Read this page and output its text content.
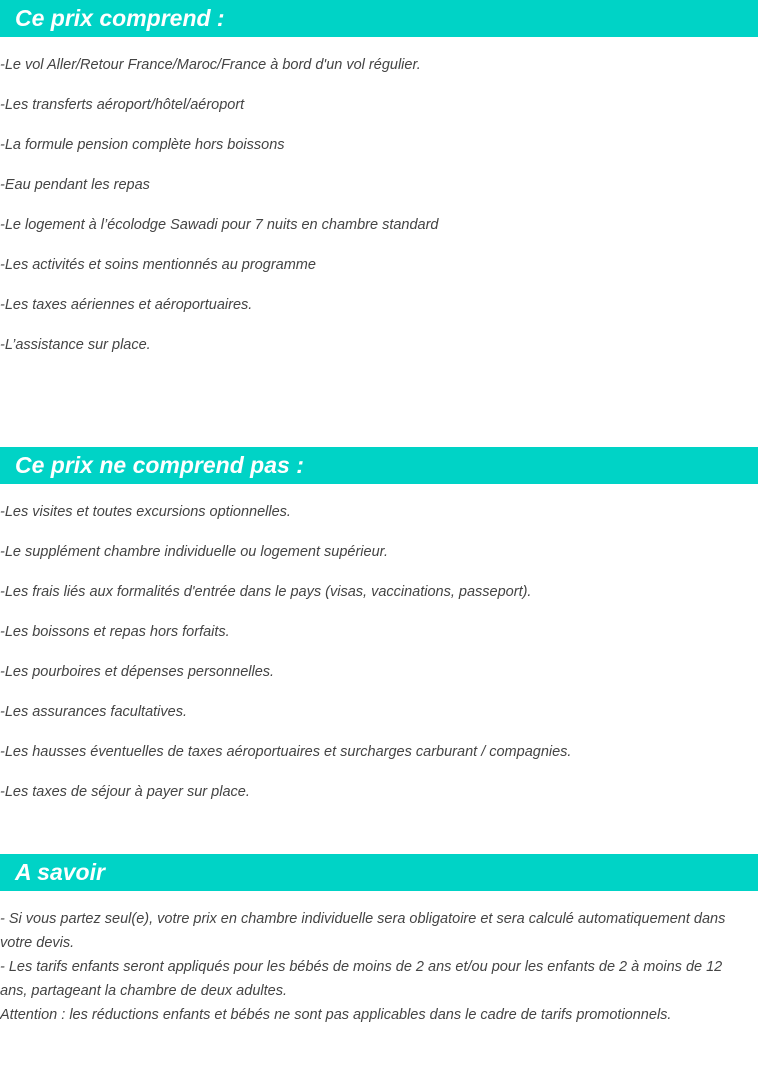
Ce prix comprend :
-Le vol Aller/Retour France/Maroc/France à bord d'un vol régulier.
-Les transferts aéroport/hôtel/aéroport
-La formule pension complète hors boissons
-Eau pendant les repas
-Le logement à l’écolodge Sawadi pour 7 nuits en chambre standard
-Les activités et soins mentionnés au programme
-Les taxes aériennes et aéroportuaires.
-L’assistance sur place.
Ce prix ne comprend pas :
-Les visites et toutes excursions optionnelles.
-Le supplément chambre individuelle ou logement supérieur.
-Les frais liés aux formalités d'entrée dans le pays (visas, vaccinations, passeport).
-Les boissons et repas hors forfaits.
-Les pourboires et dépenses personnelles.
-Les assurances facultatives.
-Les hausses éventuelles de taxes aéroportuaires et surcharges carburant / compagnies.
-Les taxes de séjour à payer sur place.
A savoir

- Si vous partez seul(e), votre prix en chambre individuelle sera obligatoire et sera calculé automatiquement dans votre devis.
- Les tarifs enfants seront appliqués pour les bébés de moins de 2 ans et/ou pour les enfants de 2 à moins de 12 ans, partageant la chambre de deux adultes.
Attention : les réductions enfants et bébés ne sont pas applicables dans le cadre de tarifs promotionnels.
